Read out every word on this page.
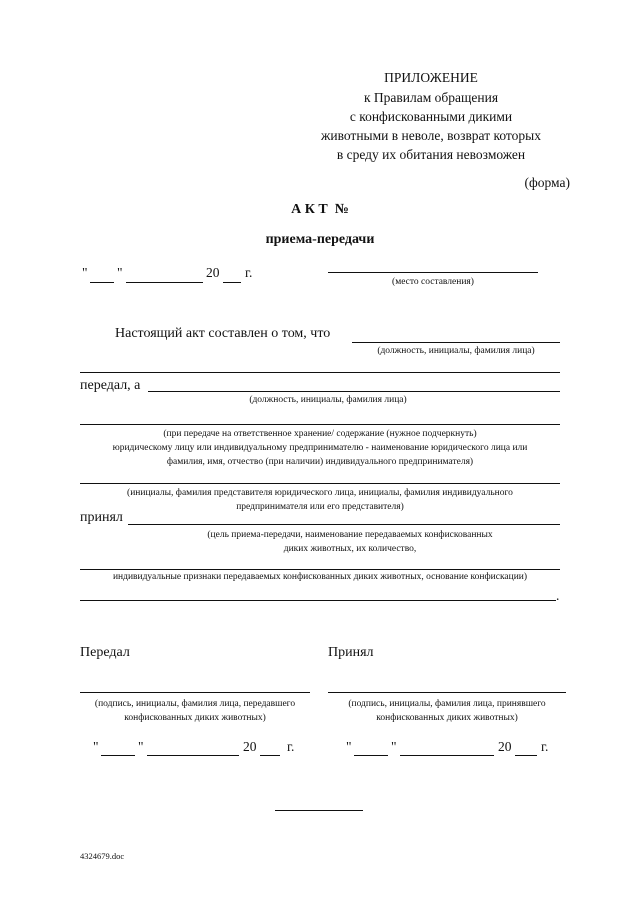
ПРИЛОЖЕНИЕ
к Правилам обращения
с конфискованными дикими
животными в неволе, возврат которых
в среду их обитания невозможен
(форма)
А К Т  №
приема-передачи
" "	20 г.
(место составления)
Настоящий акт составлен о том, что
(должность, инициалы, фамилия лица)
передал, а
(должность, инициалы, фамилия лица)
(при передаче на ответственное хранение/ содержание (нужное подчеркнуть)
юридическому лицу или индивидуальному предпринимателю - наименование юридического лица или
фамилия, имя, отчество (при наличии) индивидуального предпринимателя)
(инициалы, фамилия представителя юридического лица, инициалы, фамилия индивидуального
предпринимателя или его представителя)
принял
(цель приема-передачи, наименование передаваемых конфискованных
диких животных, их количество,
индивидуальные признаки передаваемых конфискованных диких животных, основание конфискации)
.
Передал	Принял
(подпись, инициалы, фамилия лица, передавшего
конфискованных диких животных)
(подпись, инициалы, фамилия лица, принявшего
конфискованных диких животных)
"	"	20 г.	"	"	20 г.
4324679.doc
